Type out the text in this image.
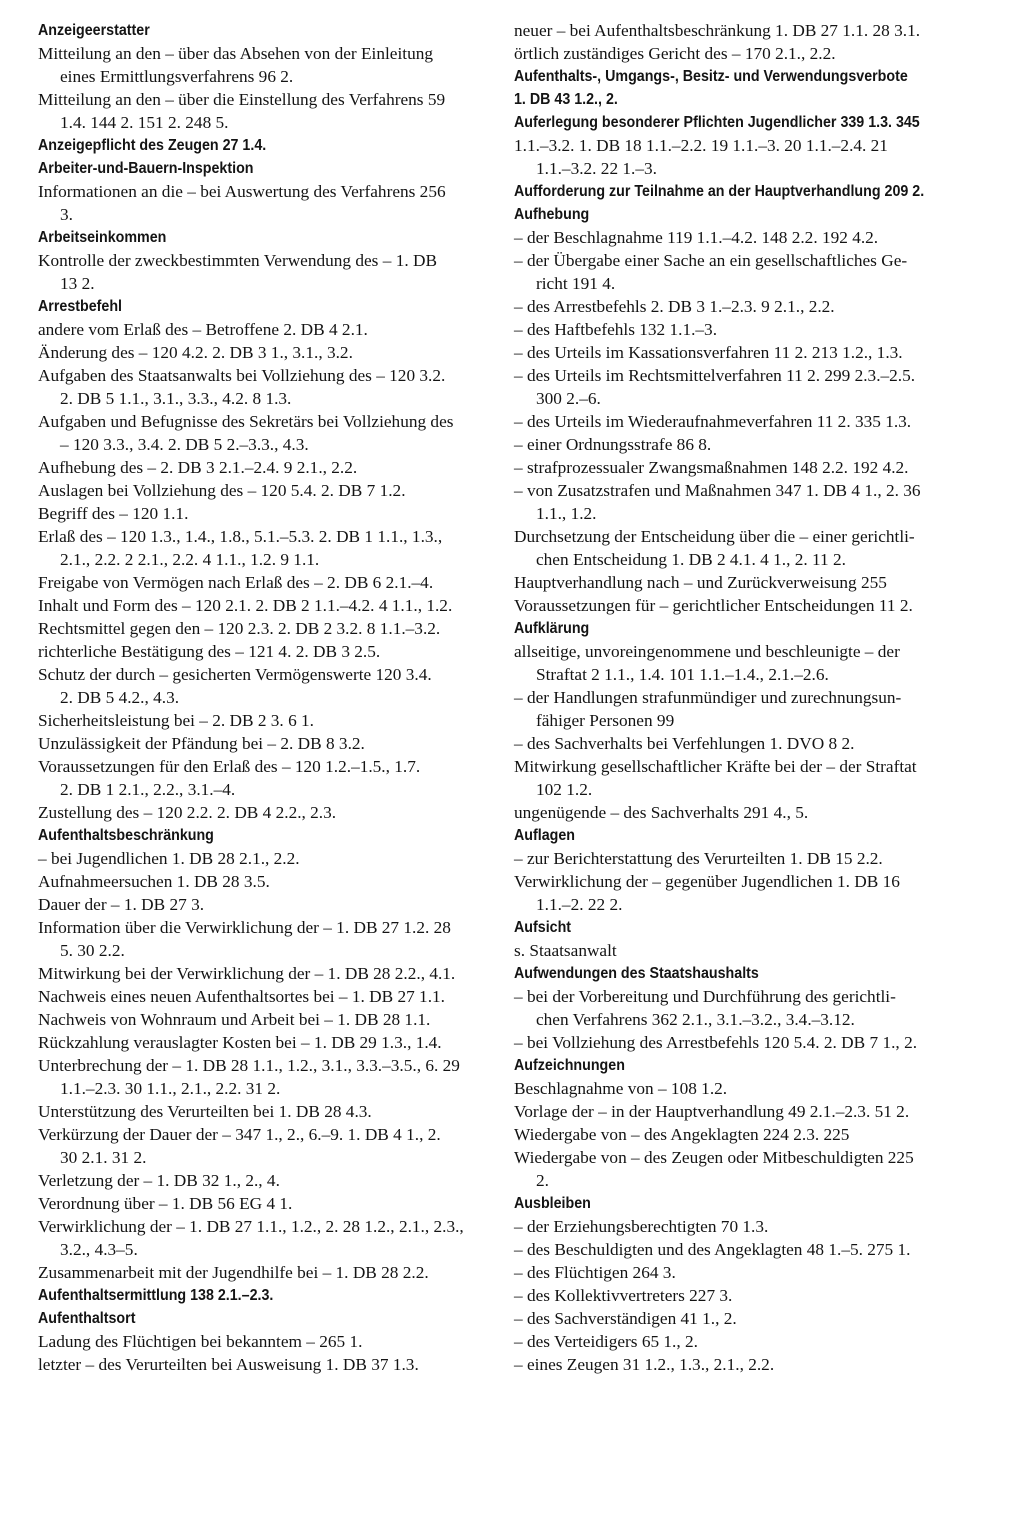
Anzeigeerstatter
Mitteilung an den – über das Absehen von der Einleitung
eines Ermittlungsverfahrens 96 2.
Mitteilung an den – über die Einstellung des Verfahrens 59
1.4. 144 2. 151 2. 248 5.
Anzeigepflicht des Zeugen 27 1.4.
Arbeiter-und-Bauern-Inspektion
Informationen an die – bei Auswertung des Verfahrens 256
3.
Arbeitseinkommen
Kontrolle der zweckbestimmten Verwendung des – 1. DB
13 2.
Arrestbefehl
andere vom Erlaß des – Betroffene 2. DB 4 2.1.
Änderung des – 120 4.2. 2. DB 3 1., 3.1., 3.2.
Aufgaben des Staatsanwalts bei Vollziehung des – 120 3.2.
2. DB 5 1.1., 3.1., 3.3., 4.2. 8 1.3.
Aufgaben und Befugnisse des Sekretärs bei Vollziehung des
– 120 3.3., 3.4. 2. DB 5 2.–3.3., 4.3.
Aufhebung des – 2. DB 3 2.1.–2.4. 9 2.1., 2.2.
Auslagen bei Vollziehung des – 120 5.4. 2. DB 7 1.2.
Begriff des – 120 1.1.
Erlaß des – 120 1.3., 1.4., 1.8., 5.1.–5.3. 2. DB 1 1.1., 1.3.,
2.1., 2.2. 2 2.1., 2.2. 4 1.1., 1.2. 9 1.1.
Freigabe von Vermögen nach Erlaß des – 2. DB 6 2.1.–4.
Inhalt und Form des – 120 2.1. 2. DB 2 1.1.–4.2. 4 1.1., 1.2.
Rechtsmittel gegen den – 120 2.3. 2. DB 2 3.2. 8 1.1.–3.2.
richterliche Bestätigung des – 121 4. 2. DB 3 2.5.
Schutz der durch – gesicherten Vermögenswerte 120 3.4.
2. DB 5 4.2., 4.3.
Sicherheitsleistung bei – 2. DB 2 3. 6 1.
Unzulässigkeit der Pfändung bei – 2. DB 8 3.2.
Voraussetzungen für den Erlaß des – 120 1.2.–1.5., 1.7.
2. DB 1 2.1., 2.2., 3.1.–4.
Zustellung des – 120 2.2. 2. DB 4 2.2., 2.3.
Aufenthaltsbeschränkung
– bei Jugendlichen 1. DB 28 2.1., 2.2.
Aufnahmeersuchen 1. DB 28 3.5.
Dauer der – 1. DB 27 3.
Information über die Verwirklichung der – 1. DB 27 1.2. 28
5. 30 2.2.
Mitwirkung bei der Verwirklichung der – 1. DB 28 2.2., 4.1.
Nachweis eines neuen Aufenthaltsortes bei – 1. DB 27 1.1.
Nachweis von Wohnraum und Arbeit bei – 1. DB 28 1.1.
Rückzahlung verauslagter Kosten bei – 1. DB 29 1.3., 1.4.
Unterbrechung der – 1. DB 28 1.1., 1.2., 3.1., 3.3.–3.5., 6. 29
1.1.–2.3. 30 1.1., 2.1., 2.2. 31 2.
Unterstützung des Verurteilten bei 1. DB 28 4.3.
Verkürzung der Dauer der – 347 1., 2., 6.–9. 1. DB 4 1., 2.
30 2.1. 31 2.
Verletzung der – 1. DB 32 1., 2., 4.
Verordnung über – 1. DB 56 EG 4 1.
Verwirklichung der – 1. DB 27 1.1., 1.2., 2. 28 1.2., 2.1., 2.3.,
3.2., 4.3–5.
Zusammenarbeit mit der Jugendhilfe bei – 1. DB 28 2.2.
Aufenthaltsermittlung 138 2.1.–2.3.
Aufenthaltsort
Ladung des Flüchtigen bei bekanntem – 265 1.
letzter – des Verurteilten bei Ausweisung 1. DB 37 1.3.
neuer – bei Aufenthaltsbeschränkung 1. DB 27 1.1. 28 3.1.
örtlich zuständiges Gericht des – 170 2.1., 2.2.
Aufenthalts-, Umgangs-, Besitz- und Verwendungsverbote
1. DB 43 1.2., 2.
Auferlegung besonderer Pflichten Jugendlicher 339 1.3. 345
1.1.–3.2. 1. DB 18 1.1.–2.2. 19 1.1.–3. 20 1.1.–2.4. 21
1.1.–3.2. 22 1.–3.
Aufforderung zur Teilnahme an der Hauptverhandlung 209 2.
Aufhebung
– der Beschlagnahme 119 1.1.–4.2. 148 2.2. 192 4.2.
– der Übergabe einer Sache an ein gesellschaftliches Ge-
richt 191 4.
– des Arrestbefehls 2. DB 3 1.–2.3. 9 2.1., 2.2.
– des Haftbefehls 132 1.1.–3.
– des Urteils im Kassationsverfahren 11 2. 213 1.2., 1.3.
– des Urteils im Rechtsmittelverfahren 11 2. 299 2.3.–2.5.
300 2.–6.
– des Urteils im Wiederaufnahmeverfahren 11 2. 335 1.3.
– einer Ordnungsstrafe 86 8.
– strafprozessualer Zwangsmaßnahmen 148 2.2. 192 4.2.
– von Zusatzstrafen und Maßnahmen 347 1. DB 4 1., 2. 36
1.1., 1.2.
Durchsetzung der Entscheidung über die – einer gerichtli-
chen Entscheidung 1. DB 2 4.1. 4 1., 2. 11 2.
Hauptverhandlung nach – und Zurückverweisung 255
Voraussetzungen für – gerichtlicher Entscheidungen 11 2.
Aufklärung
allseitige, unvoreingenommene und beschleunigte – der
Straftat 2 1.1., 1.4. 101 1.1.–1.4., 2.1.–2.6.
– der Handlungen strafunmündiger und zurechnungsun-
fähiger Personen 99
– des Sachverhalts bei Verfehlungen 1. DVO 8 2.
Mitwirkung gesellschaftlicher Kräfte bei der – der Straftat
102 1.2.
ungenügende – des Sachverhalts 291 4., 5.
Auflagen
– zur Berichterstattung des Verurteilten 1. DB 15 2.2.
Verwirklichung der – gegenüber Jugendlichen 1. DB 16
1.1.–2. 22 2.
Aufsicht
s. Staatsanwalt
Aufwendungen des Staatshaushalts
– bei der Vorbereitung und Durchführung des gerichtli-
chen Verfahrens 362 2.1., 3.1.–3.2., 3.4.–3.12.
– bei Vollziehung des Arrestbefehls 120 5.4. 2. DB 7 1., 2.
Aufzeichnungen
Beschlagnahme von – 108 1.2.
Vorlage der – in der Hauptverhandlung 49 2.1.–2.3. 51 2.
Wiedergabe von – des Angeklagten 224 2.3. 225
Wiedergabe von – des Zeugen oder Mitbeschuldigten 225
2.
Ausbleiben
– der Erziehungsberechtigten 70 1.3.
– des Beschuldigten und des Angeklagten 48 1.–5. 275 1.
– des Flüchtigen 264 3.
– des Kollektivvertreters 227 3.
– des Sachverständigen 41 1., 2.
– des Verteidigers 65 1., 2.
– eines Zeugen 31 1.2., 1.3., 2.1., 2.2.
